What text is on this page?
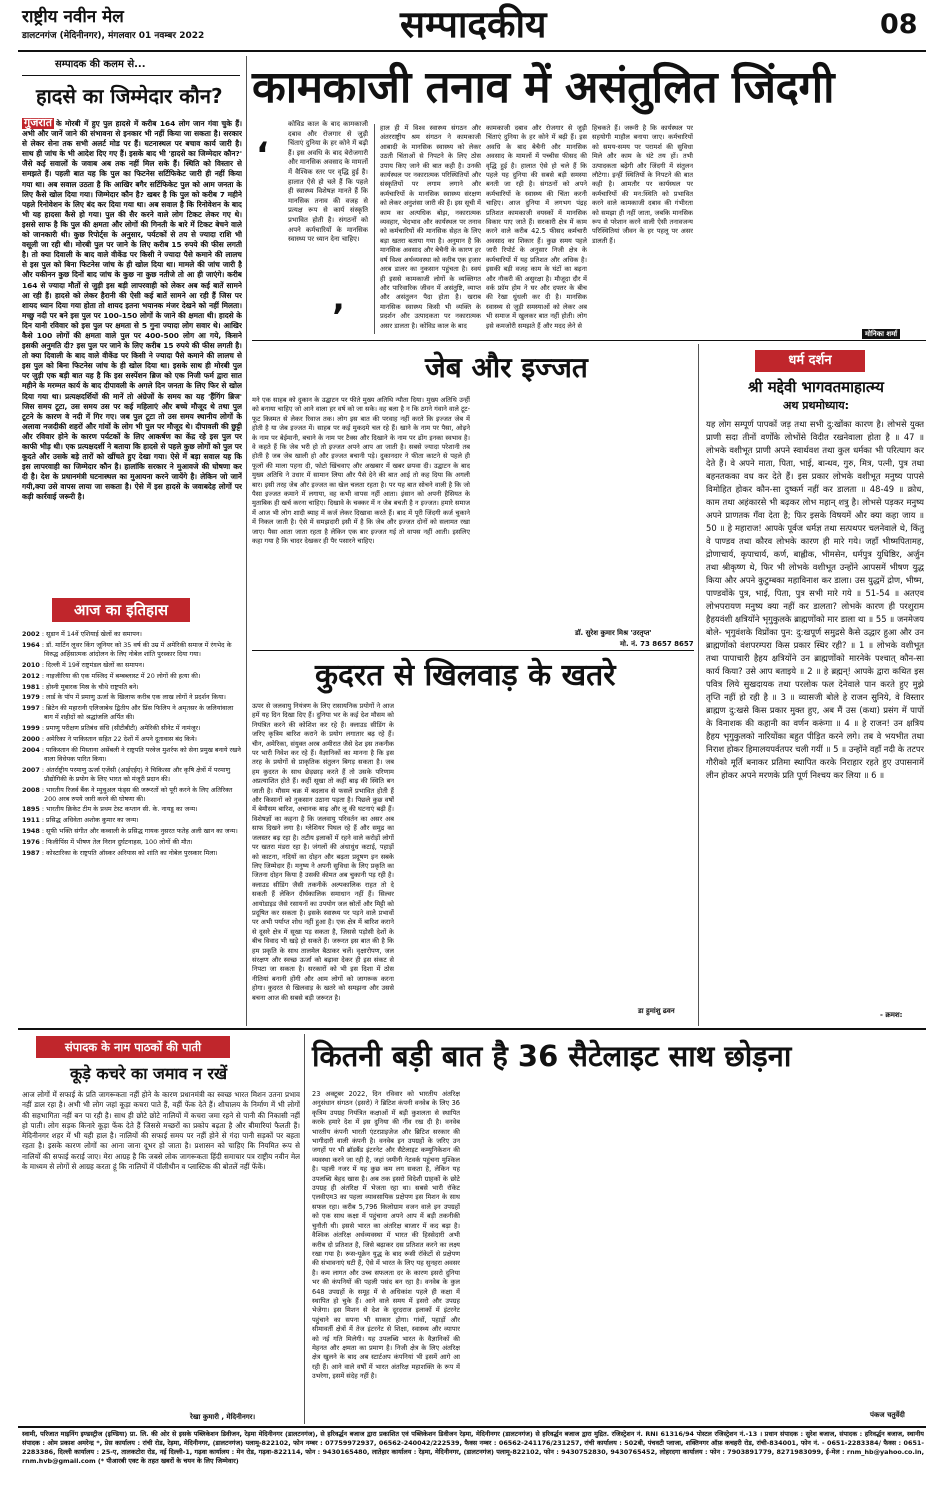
राष्ट्रीय नवीन मेल
डालटनगंज (मेदिनीनगर), मंगलवार 01 नवम्बर 2022	सम्पादकीय	08
सम्पादक की कलम से...
हादसे का जिम्मेदार कौन?
गुजरात के मोरबी में हुए पुल हादसे में करीब 164 लोग जान गंवा चुके हैं। अभी और जानें जाने की संभावना से इनकार भी नहीं किया जा सकता है। सरकार से लेकर सेना तक सभी अलर्ट मोड पर हैं। घटनास्थल पर बचाव कार्य जारी है। साथ ही जांच के भी आदेश दिए गए हैं। इसके बाद भी 'हादसे का जिम्मेदार कौन?' जैसे कई सवालों के जवाब अब तक नहीं मिल सके हैं। स्थिति को विस्तार से समझते हैं। पहली बात यह कि पुल का फिटनेस सर्टिफिकेट जारी ही नहीं किया गया था। अब सवाल उठता है कि आखिर बगैर सर्टिफिकेट पुल को आम जनता के लिए कैसे खोल दिया गया। जिम्मेदार कौन है? खबर है कि पुल को करीब 7 महीने पहले रिनोवेशन के लिए बंद कर दिया गया था। अब सवाल है कि रिनोवेशन के बाद भी यह हादसा कैसे हो गया। पुल की सैर करने वाले लोग टिकट लेकर गए थे। इससे साफ है कि पुल की क्षमता और लोगों की गिनती के बारे में टिकट बेचने वाले को जानकारी थी। कुछ रिपोर्ट्स के अनुसार, पर्यटकों से तय से ज्यादा राशि भी वसूली जा रही थी। मोरबी पुल पर जाने के लिए करीब 15 रुपये की फीस लगती है। तो क्या दिवाली के बाद वाले वीकेंड पर किसी ने ज्यादा पैसे कमाने की लालच से इस पुल को बिना फिटनेस जांच के ही खोल दिया था। मामले की जांच जारी है और यकीनन कुछ दिनों बाद जांच के कुछ ना कुछ नतीजे तो आ ही जाएंगे। करीब 164 से ज्यादा मौतों से जुड़ी इस बड़ी लापरवाही को लेकर अब कई बातें सामने आ रही हैं। हादसे को लेकर हैरानी की ऐसी कई बातें सामने आ रही हैं जिस पर शायद ध्यान दिया गया होता तो शायद इतना भयानक मंजर देखने को नहीं मिलता। मच्छु नदी पर बने इस पुल पर 100-150 लोगों के जाने की क्षमता थी। हादसे के दिन यानी रविवार को इस पुल पर क्षमता से 5 गुना ज्यादा लोग सवार थे। आखिर कैसे 100 लोगों की क्षमता वाले पुल पर 400-500 लोग आ गये, किसने इसकी अनुमति दी? इस पुल पर जाने के लिए करीब 15 रुपये की फीस लगती है। तो क्या दिवाली के बाद वाले वीकेंड पर किसी ने ज्यादा पैसे कमाने की लालच से इस पुल को बिना फिटनेस जांच के ही खोल दिया था। इसके साथ ही मोरबी पुल पर जुड़ी एक बड़ी बात यह है कि इस सस्पेंशन ब्रिज को एक निजी फर्म द्वारा सात महीने के मरम्मत कार्य के बाद दीपावली के अगले दिन जनता के लिए फिर से खोल दिया गया था। प्रत्यक्षदर्शियों की मानें तो अंग्रेजों के समय का यह 'हैंगिंग ब्रिज' जिस समय टूटा, उस समय उस पर कई महिलाएं और बच्चे मौजूद थे तथा पुल टूटने के कारण वे नदी में गिर गए। जब पुल टूटा तो उस समय स्थानीय लोगों के अलावा नजदीकी शहरों और गांवों के लोग भी पुल पर मौजूद थे। दीपावली की छुट्टी और रविवार होने के कारण पर्यटकों के लिए आकर्षण का केंद्र रहे इस पुल पर काफी भीड़ थी। एक प्रत्यक्षदर्शी ने बताया कि हादसे से पहले कुछ लोगों को पुल पर कूदते और उसके बड़े तारों को खींचते हुए देखा गया। ऐसे में बड़ा सवाल यह कि इस लापरवाही का जिम्मेदार कौन है। हालांकि सरकार ने मुआवजे की घोषणा कर दी है। देश के प्रधानमंत्री घटनास्थल का मुआयना करने जायेंगे है। लेकिन जो जानें गयी,क्या उसे वापस लाया जा सकता है। ऐसे में इस हादसे के जवाबदेह लोगों पर कड़ी कार्रवाई जरूरी है।
आज का इतिहास
2002 : सूडान में 14वें एशियाई खेलों का समापन।
1964 : डॉ. मार्टिन लूथर किंग जूनियर को 35 वर्ष की उम्र में अमेरिकी समाज में रंगभेद के विरुद्ध अहिंसात्मक आंदोलन के लिए नोबेल शांति पुरस्कार दिया गया।
2010 : दिल्ली में 19वें राष्ट्रमंडल खेलों का समापन।
2012 : नाइजीरिया की एक मस्जिद में बम्बब्लास्ट में 20 लोगों की हत्या की।
1981 : होस्नी मुबारक मिस्र के चौथे राष्ट्रपति बने।
1979 : लार्ड के पॉप में प्रमाणु ऊर्जा के खिलाफ करीब एक लाख लोगों ने प्रदर्शन किया।
1997 : ब्रिटेन की महारानी एलिजाबेथ द्वितीय और प्रिंस फिलिप ने अमृतसर के जलियांवाला बाग में शहीदों को श्रद्धांजलि अर्पित की।
1999 : प्रमाणु परीक्षण प्रतिबंध संधि (सीटीबीटी) अमेरिकी सीनेट में नामंजूर।
2000 : अमेरिका ने पाकिस्तान सहित 22 देशों में अपने दूतावास बंद किये।
2004 : पाकिस्तान की मिस्ताना असेंबली ने राष्ट्रपति परवेज मुशर्रफ को सेना प्रमुख बनाये रखने वाला विधेयक पारित किया।
2007 : अंतर्राष्ट्रीय परमाणु ऊर्जा एजेंसी (आईएईए) ने चिकित्सा और कृषि क्षेत्रों में परमाणु प्रौद्योगिकी के प्रयोग के लिए भारत को मंजूरी प्रदान की।
2008 : भारतीय रिजर्व बैंक ने म्युचुअल फंड्स की जरूरतों को पूरी करने के लिए अतिरिक्त 200 अरब रुपये जारी करने की घोषणा की।
1895 : भारतीय क्रिकेट टीम के प्रथम टेस्ट कप्तान सी. के. नायडू का जन्म।
1911 : प्रसिद्ध अधिवेता अशोक कुमार का जन्म।
1948 : सूफी भक्ति संगीत और कव्वाली के प्रसिद्ध गायक नुसरत फतेह अली खान का जन्म।
1976 : फिलीपिंस में भीषण तेल निरान दुर्घटनाहस, 100 लोगों की मौत।
1987 : कोस्टारिका के राष्ट्रपति ऑस्कर अरियास को शांति का नोबेल पुरस्कार मिला।
कामकाजी तनाव में असंतुलित जिंदगी
‘
कोविड काल के बाद कामकाजी दबाव और रोजगार से जुड़ी चिंताएं दुनिया के हर कोने में बढ़ी हैं। इस अवधि के बाद बेरोजगारी और मानसिक अवसाद के मामलों में वैश्विक स्तर पर वृद्धि हुई है। हालात ऐसे हो चले हैं कि पहले ही स्वास्थ्य विशेषज्ञ मानते हैं कि मानसिक तनाव की वजह से प्रत्यक्ष रूप से कार्य संस्कृति प्रभावित होती है। संगठनों को अपने कर्मचारियों के मानसिक स्वास्थ्य पर ध्यान देना चाहिए।
’
हाल ही में विश्व स्वास्थ्य संगठन और अंतरराष्ट्रीय श्रम संगठन ने कामकाजी आबादी के मानसिक स्वास्थ्य को लेकर उठती चिंताओं से निपटने के लिए ठोस उपाय किए जाने की बात कही है। उनकी कार्यस्थल पर नकारात्मक परिस्थितियों और संस्कृतियों पर लगाम लगाने और कर्मचारियों के मानसिक स्वास्थ्य संरक्षण को लेकर अनुशंसा जारी की हैं। इस सूची में काम का अत्यधिक बोझ, नकारात्मक व्यवहार, भेदभाव और कार्यस्थल पर तनाव को कर्मचारियों की मानसिक सेहत के लिए बड़ा खतरा बताया गया है। अनुमान है कि मानसिक अवसाद और बेचैनी के कारण हर वर्ष विश्व अर्थव्यवस्था को करीब एक हजार अरब डालर का नुकसान पहुंचता है। स्वयं ही इससे कामकाजी लोगों के व्यक्तिगत और पारिवारिक जीवन में असंतुष्टि, व्याप्त और असंतुलन पैदा होता है। खराब मानसिक स्वास्थ्य किसी भी व्यक्ति के प्रदर्शन और उत्पादकता पर नकारात्मक असर डालता है। कोविड काल के बाद
कामकाजी दबाव और रोजगार से जुड़ी चिंताएं दुनिया के हर कोने में बढ़ी हैं। इस अवधि के बाद बेचैनी और मानसिक अवसाद के मामलों में पच्चीस फीसद की वृद्धि हुई है। हालात ऐसे हो चले हैं कि पहले यह दुनिया की सबसे बड़ी समस्या बनती जा रही है। संगठनों को अपने कर्मचारियों के स्वास्थ्य की चिंता करनी चाहिए। आज दुनिया में लगभग पंद्रह प्रतिशत कामकाजी वयस्कों में मानसिक विकार पाए जाते हैं। सरकारी क्षेत्र में काम करने वाले करीब 42.5 फीसद कर्मचारी अवसाद का शिकार हैं। कुछ समय पहले जारी रिपोर्ट के अनुसार निजी क्षेत्र के कर्मचारियों में यह प्रतिशत और अधिक है। इसकी बड़ी वजह काम के घंटों का बढ़ना और नौकरी की असुरक्षा है। मौजूदा दौर में वर्क फ्रॉम होम ने घर और दफ्तर के बीच की रेखा धुंधली कर दी है। मानसिक स्वास्थ्य से जुड़ी समस्याओं को लेकर अब भी समाज में खुलकर बात नहीं होती। लोग इसे कमजोरी समझते हैं और मदद लेने से
हिचकते हैं। जरूरी है कि कार्यस्थल पर सहयोगी माहौल बनाया जाए। कर्मचारियों को समय-समय पर परामर्श की सुविधा मिले और काम के घंटे तय हों। तभी उत्पादकता बढ़ेगी और जिंदगी में संतुलन लौटेगा। इन्हीं स्थितियों के निपटने की बात कही है। आमतौर पर कार्यस्थल पर कर्मचारियों की मन:स्थिति को प्रभावित करने वाले कामकाजी दबाव की गंभीरता को समझा ही नहीं जाता, जबकि मानसिक रूप से परेशान करने वाली ऐसी तनावजन्य परिस्थितियां जीवन के हर पहलू पर असर डालती हैं।
मोनिका शर्मा
जेब और इज्जत
मने एक साहब को दुकान के उद्घाटन पर फीते मुख्य अतिथि न्यौता दिया। मुख्य अतिथि उन्हीं को बनाया चाहिए जो आने वाला हर वर्ष को जा सके। वह बला है न कि ठगने गंवाने वाले टूट-फूट किस्मत से लेकर रिवाज तक। लोग इस बात की परवाह नहीं करते कि इज्जत जेब में होती है या जेब इज्जत में। साहब पर कई मुकदमे चल रहे हैं। खाने के नाम पर पैसा, ओढ़ने के नाम पर बेईमानी, बचाने के नाम पर टैक्स और दिखाने के नाम पर ढोंग इनका स्वभाव है। वे कहते हैं कि जेब भरी हो तो इज्जत अपने आप आ जाती है। सबसे ज्यादा परेशानी तब होती है जब जेब खाली हो और इज्जत बचानी पड़े। दुकानदार ने फीता काटने से पहले ही फूलों की माला पहना दी, फोटो खिंचवाए और अखबार में खबर छपवा दी। उद्घाटन के बाद मुख्य अतिथि ने उधार में सामान लिया और पैसे देने की बात आई तो कह दिया कि अगली बार। इसी तरह जेब और इज्जत का खेल चलता रहता है। पर यह बात सोचने वाली है कि जो पैसा इज्जत कमाने में लगाया, वह कभी वापस नहीं आता। इंसान को अपनी हैसियत के मुताबिक ही खर्च करना चाहिए। दिखावे के चक्कर में न जेब बचती है न इज्जत। हमारे समाज में आज भी लोग शादी ब्याह में कर्ज लेकर दिखावा करते हैं। बाद में पूरी जिंदगी कर्ज चुकाने में निकल जाती है। ऐसे में समझदारी इसी में है कि जेब और इज्जत दोनों को सलामत रखा जाए। पैसा आता जाता रहता है लेकिन एक बार इज्जत गई तो वापस नहीं आती। इसलिए कहा गया है कि चादर देखकर ही पैर पसारने चाहिए।
डॉ. सुरेश कुमार मिश्र 'उरतृप्त'
मो. नं. 73 8657 8657
कुदरत से खिलवाड़ के खतरे
ऊपर से जलवायु नियंत्रण के लिए रासायनिक प्रयोगों ने आज हमें यह दिन दिखा दिए हैं। दुनिया भर के कई देश मौसम को नियंत्रित करने की कोशिश कर रहे हैं। क्लाउड सीडिंग के जरिए कृत्रिम बारिश कराने के प्रयोग लगातार बढ़ रहे हैं। चीन, अमेरिका, संयुक्त अरब अमीरात जैसे देश इस तकनीक पर भारी निवेश कर रहे हैं। वैज्ञानिकों का मानना है कि इस तरह के प्रयोगों से प्राकृतिक संतुलन बिगड़ सकता है। जब हम कुदरत के साथ छेड़छाड़ करते हैं तो उसके परिणाम अप्रत्याशित होते हैं। कहीं सूखा तो कहीं बाढ़ की स्थिति बन जाती है। मौसम चक्र में बदलाव से फसलें प्रभावित होती हैं और किसानों को नुकसान उठाना पड़ता है। पिछले कुछ वर्षों में बेमौसम बारिश, अचानक बाढ़ और लू की घटनाएं बढ़ी हैं। विशेषज्ञों का कहना है कि जलवायु परिवर्तन का असर अब साफ दिखने लगा है। ग्लेशियर पिघल रहे हैं और समुद्र का जलस्तर बढ़ रहा है। तटीय इलाकों में रहने वाले करोड़ों लोगों पर खतरा मंडरा रहा है। जंगलों की अंधाधुंध कटाई, पहाड़ों को काटना, नदियों का दोहन और बढ़ता प्रदूषण इन सबके लिए जिम्मेदार हैं। मनुष्य ने अपनी सुविधा के लिए प्रकृति का जितना दोहन किया है उसकी कीमत अब चुकानी पड़ रही है। क्लाउड सीडिंग जैसी तकनीकें अल्पकालिक राहत तो दे सकती हैं लेकिन दीर्घकालिक समाधान नहीं हैं। सिल्वर आयोडाइड जैसे रसायनों का उपयोग जल स्रोतों और मिट्टी को प्रदूषित कर सकता है। इसके स्वास्थ्य पर पड़ने वाले प्रभावों पर अभी पर्याप्त शोध नहीं हुआ है। एक क्षेत्र में बारिश कराने से दूसरे क्षेत्र में सूखा पड़ सकता है, जिससे पड़ोसी देशों के बीच विवाद भी खड़े हो सकते हैं। जरूरत इस बात की है कि हम प्रकृति के साथ तालमेल बैठाकर चलें। वृक्षारोपण, जल संरक्षण और स्वच्छ ऊर्जा को बढ़ावा देकर ही इस संकट से निपटा जा सकता है। सरकारों को भी इस दिशा में ठोस नीतियां बनानी होंगी और आम लोगों को जागरूक करना होगा। कुदरत से खिलवाड़ के खतरे को समझना और उससे बचना आज की सबसे बड़ी जरूरत है।
डा हुमांशु ढवन
धर्म दर्शन
श्री मद्देवी भागवतमाहात्म्य
अथ प्रथमोध्याय:
यह लोग सम्पूर्ण पापकों जड़ तथा सभी दु:खोंका कारण है। लोभसे युक्त प्राणी सदा तीनों वर्णोंके लोभोंसे विदीत रखनेवाला होता है ॥ 47 ॥ लोभके वशीभूत प्राणी अपने स्वार्थवश तथा कुल धर्मका भी परित्याग कर देते हैं। वे अपने माता, पिता, भाई, बान्धव, गुरु, मित्र, पत्नी, पुत्र तथा बहनतकका वध कर देते हैं। इस प्रकार लोभके वशीभूत मनुष्य पापसे विमोहित होकर कौन-सा दुष्कर्म नहीं कर डालता ॥ 48-49 ॥ क्रोध, काम तथा अहंकारसे भी बढ़कर लोभ महान् शत्रु है। लोभसे पड़कर मनुष्य अपने प्राणतक गँवा देता है; फिर इसके विषयमें और क्या कहा जाय ॥ 50 ॥ हे महाराज! आपके पूर्वज धर्मज्ञ तथा सत्पथपर चलनेवाले थे, किंतु वे पाण्डव तथा कौरव लोभके कारण ही मारे गये। जहाँ भीष्मपितामह, द्रोणाचार्य, कृपाचार्य, कर्ण, बाह्लीक, भीमसेन, धर्मपुत्र युधिष्ठिर, अर्जुन तथा श्रीकृष्ण थे, फिर भी लोभके वशीभूत उन्होंने आपसमें भीषण युद्ध किया और अपने कुटुम्बका महाविनाश कर डाला। उस युद्धमें द्रोण, भीष्म, पाण्डवोंके पुत्र, भाई, पिता, पुत्र सभी मारे गये ॥ 51-54 ॥ अतएव लोभपरायण मनुष्य क्या नहीं कर डालता? लोभके कारण ही परशुराम हैहयवंशी क्षत्रियोंने भृगुकुलके ब्राह्मणोंको मार डाला था ॥ 55 ॥ जनमेजय बोले- भृगुवंशके विप्रोंका पुन: दु:खपूर्ण समुद्रसे कैसे उद्धार हुआ और उन ब्राह्मणोंको वंशपरम्परा किस प्रकार स्थिर रही? ॥ 1 ॥ लोभके वशीभूत तथा पापाचारी हैहय क्षत्रियोंने उन ब्राह्मणोंको मारनेके पश्चात् कौन-सा कार्य किया? उसे आप बताइये ॥ 2 ॥ हे ब्रह्मन्! आपके द्वारा कथित इस पवित्र लिये सुखदायक तथा परलोक फल देनेवाले पान करते हुए मुझे तृप्ति नहीं हो रही है ॥ 3 ॥ व्यासजी बोले हे राजन सुनिये, वे विस्तार ब्राह्मण दु:खसे किस प्रकार मुक्त हुए, अब मैं उस (कथा) प्रसंग में पापों के विनाशक की कहानी का वर्णन करूंगा ॥ 4 ॥ हे राजन! उन क्षत्रिय हैहय भृगुकुलको नारियोंका बहुत पीड़ित करने लगे। तब वे भयभीत तथा निराश होकर हिमालयपर्वतपर चली गयीं ॥ 5 ॥ उन्होंने वहाँ नदी के तटपर गौरीको मूर्ति बनाकर प्रतिमा स्थापित करके निराहार रहते हुए उपासनामें लीन होकर अपने मरणके प्रति पूर्ण निश्चय कर लिया ॥ 6 ॥
- क्रमश:
संपादक के नाम पाठकों की पाती
कूड़े कचरे का जमाव न रखें
आज लोगों में सफाई के प्रति जागरूकता नहीं होने के कारण प्रधानमंत्री का स्वच्छ भारत मिशन उतना प्रभाव नहीं डाल रहा है। अभी भी लोग जहां कूड़ा कचरा पाते हैं, वहीं फेंक देते हैं। शौचालय के निर्माण में भी लोगों की सहभागिता नहीं बन पा रही है। साथ ही छोटे छोटे नालियों में कचरा जमा रहने से पानी की निकासी नहीं हो पाती। लोग सड़क किनारे कूड़ा फेंक देते हैं जिससे मच्छरों का प्रकोप बढ़ता है और बीमारियां फैलती हैं। मेदिनीनगर शहर में भी यही हाल है। नालियों की सफाई समय पर नहीं होने से गंदा पानी सड़कों पर बहता रहता है। इसके कारण लोगों का आना जाना दूभर हो जाता है। प्रशासन को चाहिए कि नियमित रूप से नालियों की सफाई कराई जाए। मेरा आग्रह है कि जबसे लोक जागरूकता हिंदी समाचार पत्र राष्ट्रीय नवीन मेल के माध्यम से लोगों से आग्रह करता हूं कि नालियों में पॉलीथीन व प्लास्टिक की बोतलें नहीं फेंकें।
रेखा कुमारी , मेदिनीनगर।
कितनी बड़ी बात है 36 सैटेलाइट साथ छोड़ना
23 अक्टूबर 2022, दिन रविवार को भारतीय अंतरिक्ष अनुसंधान संगठन (इसरो) ने ब्रिटिश कंपनी वनवेब के लिए 36 कृत्रिम उपग्रह नियंत्रित कक्षाओं में बड़ी कुशलता से स्थापित करके हमारे देश में इस दुनिया की नींव रख दी है। वनवेब भारतीय कंपनी भारती एंटरप्राइजेज और ब्रिटिश सरकार की भागीदारी वाली कंपनी है। वनवेब इन उपग्रहों के जरिए उन जगहों पर भी ब्रॉडबैंड इंटरनेट और सैटेलाइट कम्युनिकेशन की व्यवस्था करने जा रही है, जहां जमीनी नेटवर्क पहुंचना मुश्किल है। पहली नजर में यह कुछ कम लग सकता है, लेकिन यह उपलब्धि बेहद खास है। अब तक इसरो विदेशी ग्राहकों के छोटे उपग्रह ही अंतरिक्ष में भेजता रहा था। सबसे भारी रॉकेट एलवीएम3 का पहला व्यावसायिक प्रक्षेपण इस मिशन के साथ सफल रहा। करीब 5,796 किलोग्राम वजन वाले इन उपग्रहों को एक साथ कक्षा में पहुंचाना अपने आप में बड़ी तकनीकी चुनौती थी। इससे भारत का अंतरिक्ष बाजार में कद बढ़ा है। वैश्विक अंतरिक्ष अर्थव्यवस्था में भारत की हिस्सेदारी अभी करीब दो प्रतिशत है, जिसे बढ़ाकर दस प्रतिशत करने का लक्ष्य रखा गया है। रूस-यूक्रेन युद्ध के बाद रूसी रॉकेटों से प्रक्षेपण की संभावनाएं घटी हैं, ऐसे में भारत के लिए यह सुनहरा अवसर है। कम लागत और उच्च सफलता दर के कारण इसरो दुनिया भर की कंपनियों की पहली पसंद बन रहा है। वनवेब के कुल 648 उपग्रहों के समूह में से अधिकांश पहले ही कक्षा में स्थापित हो चुके हैं। आने वाले समय में इसरो और उपग्रह भेजेगा। इस मिशन से देश के दूरदराज इलाकों में इंटरनेट पहुंचाने का सपना भी साकार होगा। गांवों, पहाड़ों और सीमावर्ती क्षेत्रों में तेज इंटरनेट से शिक्षा, स्वास्थ्य और व्यापार को नई गति मिलेगी। यह उपलब्धि भारत के वैज्ञानिकों की मेहनत और क्षमता का प्रमाण है। निजी क्षेत्र के लिए अंतरिक्ष क्षेत्र खुलने के बाद अब स्टार्टअप कंपनियां भी इसमें आगे आ रही हैं। आने वाले वर्षों में भारत अंतरिक्ष महाशक्ति के रूप में उभरेगा, इसमें संदेह नहीं है।
पंकज चतुर्वेदी
स्वामी, परिजात माइनिंग इण्डस्ट्रीज (इण्डिया) प्रा. लि. की ओर से इसके पब्लिकेशन डिवीजन, रेड़मा मेदिनीनगर (डालटनगंज), से हरिवर्द्धन बजाज द्वारा प्रकाशित एवं पब्लिकेशन डिवीजन रेड़मा, मेदिनीनगर (डालटनगंज) से हरिवर्द्धन बजाज द्वारा मुद्रित. रजिस्ट्रेशन नं. RNI 61316/94 पोस्टल रजिस्ट्रेशन नं.-13 । प्रधान संपादक : सुरेश बजाज, संपादक : हरिवर्द्धन बजाज, स्थानीय संपादक : ओम प्रकाश अमरेन्द्र *, प्रेस कार्यालय : रांची रोड, रेड़मा, मेदिनीनगर, (डालटनगंज) पलामू-822102, फोन नम्बर : 07759972937, 06562-240042/222539, फैक्स नम्बर : 06562-241176/231257, रांची कार्यालय : 502बी, पंचवटी प्लाजा, शक्तिनगर ऑफ़ कचहरी रोड, रांची-834001, फोन नं. - 0651-2283384/ फैक्स : 0651-2283386, दिल्ली कार्यालय : 25-ए, तालकटोरा रोड, नई दिल्ली-1, गढ़वा कार्यालय : मेन रोड, गढ़वा-822114, फोन : 9430165480, लातेहार कार्यालय : रेड़मा, मेदिनीनगर, (डालटनगंज) पलामू-822102, फोन : 9430752830, 9430765452, लोहरदगा कार्यालय : फोन : 7903891779, 8271983099, ई-मेल : rnm_hb@yahoo.co.in, rnm.hvb@gmail.com (* पीआरबी एक्ट के तहत खबरों के चयन के लिए जिम्मेवार)
